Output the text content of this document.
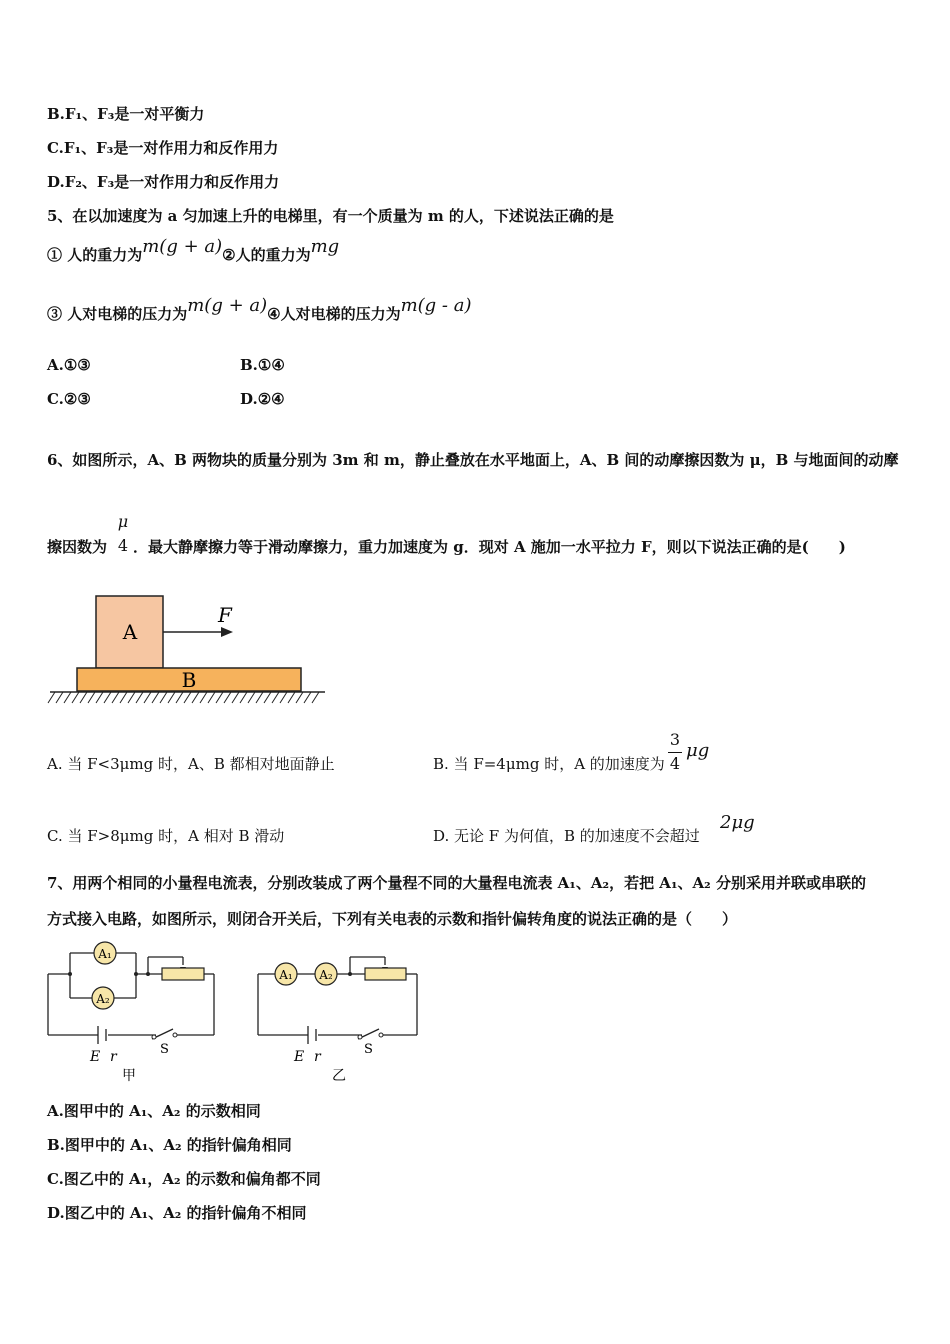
B.F₁、F₃是一对平衡力
C.F₁、F₃是一对作用力和反作用力
D.F₂、F₃是一对作用力和反作用力
5、在以加速度为 a 匀加速上升的电梯里，有一个质量为 m 的人，下述说法正确的是
① 人的重力为m(g + a)②人的重力为mg
③ 人对电梯的压力为m(g + a)④人对电梯的压力为m(g - a)
A.①③	B.①④
C.②③	D.②④
6、如图所示，A、B 两物块的质量分别为 3m 和 m，静止叠放在水平地面上，A、B 间的动摩擦因数为 μ，B 与地面间的动摩
擦因数为 ．最大静摩擦力等于滑动摩擦力，重力加速度为 g．现对 A 施加一水平拉力 F，则以下说法正确的是(　　)
μ
4
A
F
B
A. 当 F<3μmg 时，A、B 都相对地面静止	B. 当 F=4μmg 时，A 的加速度为
3
4
μg
C. 当 F>8μmg 时，A 相对 B 滑动	D. 无论 F 为何值，B 的加速度不会超过
2μg
7、用两个相同的小量程电流表，分别改装成了两个量程不同的大量程电流表 A₁、A₂，若把 A₁、A₂ 分别采用并联或串联的
方式接入电路，如图所示，则闭合开关后，下列有关电表的示数和指针偏转角度的说法正确的是（　　）
A₁
A₂
E r	S
甲
A₁ A₂
E r	S
乙
A.图甲中的 A₁、A₂ 的示数相同
B.图甲中的 A₁、A₂ 的指针偏角相同
C.图乙中的 A₁，A₂ 的示数和偏角都不同
D.图乙中的 A₁、A₂ 的指针偏角不相同
